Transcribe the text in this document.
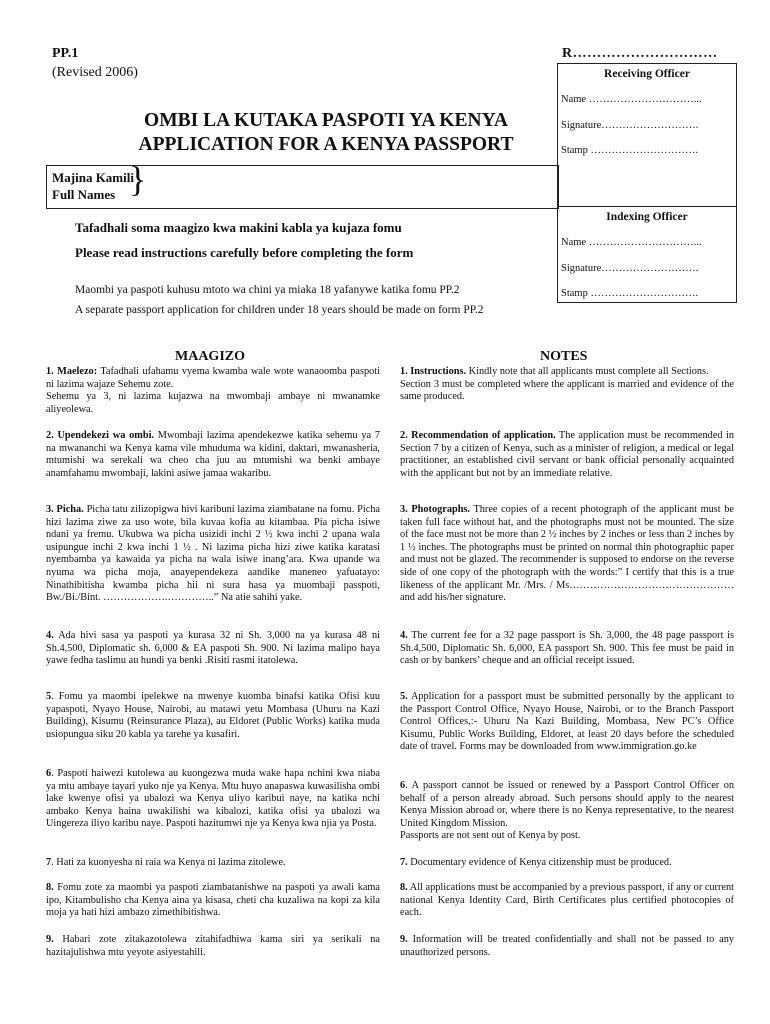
PP.1
(Revised 2006)
R…………………………
OMBI LA KUTAKA PASPOTI YA KENYA
APPLICATION FOR A KENYA PASSPORT
Receiving Officer
Name …………………………...
Signature……………………….
Stamp ………………………….
Indexing Officer
Name …………………………...
Signature……………………….
Stamp ………………………….
Majina Kamili
Full Names }
Tafadhali soma maagizo kwa makini kabla ya kujaza fomu
Please read instructions carefully before completing the form
Maombi ya paspoti kuhusu mtoto wa chini ya miaka 18 yafanywe katika fomu PP.2
A separate passport application for children under 18 years should be made on form PP.2
MAAGIZO	NOTES
1. Maelezo: Tafadhali ufahamu vyema kwamba wale wote wanaoomba paspoti ni lazima wajaze Sehemu zote.
Sehemu ya 3, ni lazima kujazwa na mwombaji ambaye ni mwanamke aliyeolewa.
2. Upendekezi wa ombi. Mwombaji lazima apendekezwe katika sehemu ya 7 na mwananchi wa Kenya kama vile mhuduma wa kidini, daktari, mwanasheria, mtumishi wa serekali wa cheo cha juu au mtumishi wa benki ambaye anamfahamu mwombaji, lakini asiwe jamaa wakaribu.
3. Picha. Picha tatu zilizopigwa hivi karibuni lazima ziambatane na fomu. Picha hizi lazima ziwe za uso wote, bila kuvaa kofia au kitambaa. Pia picha isiwe ndani ya fremu. Ukubwa wa picha usizidi inchi 2 ½ kwa inchi 2 upana wala usipungue inchi 2 kwa inchi 1 ½ . Ni lazima picha hizi ziwe katika karatasi nyembamba ya kawaida ya picha na wala isiwe inang’ara. Kwa upande wa nyuma wa picha moja, anayependekeza aandike maneneo yafuatayo: Ninathibitisha kwamba picha hii ni sura hasa ya muombaji passpoti, Bw./Bi./Bint. ……………….…………..” Na atie sahihi yake.
4. Ada hivi sasa ya paspoti ya kurasa 32 ni Sh. 3,000 na ya kurasa 48 ni Sh.4,500, Diplomatic sh. 6,000 & EA paspoti Sh. 900. Ni lazima malipo haya yawe fedha taslimu au hundi ya benki .Risiti rasmi itatolewa.
5. Fomu ya maombi ipelekwe na mwenye kuomba binafsi katika Ofisi kuu yapaspoti, Nyayo House, Nairobi, au matawi yetu Mombasa (Uhuru na Kazi Building), Kisumu (Reinsurance Plaza), au Eldoret (Public Works) katika muda usiopungua siku 20 kabla ya tarehe ya kusafiri.
6. Paspoti haiwezi kutolewa au kuongezwa muda wake hapa nchini kwa niaba ya mtu ambaye tayari yuko nje ya Kenya. Mtu huyo anapaswa kuwasilisha ombi lake kwenye ofisi ya ubalozi wa Kenya uliyo karibui naye, na katika nchi ambako Kenya haina uwakilishi wa kibalozi, katika ofisi ya ubalozi wa Uingereza iliyo karibu naye. Paspoti hazitumwi nje ya Kenya kwa njia ya Posta.
7. Hati za kuonyesha ni raia wa Kenya ni lazima zitolewe.
8. Fomu zote za maombi ya paspoti ziambatanishwe na paspoti ya awali kama ipo, Kitambulisho cha Kenya aina ya kisasa, cheti cha kuzaliwa na kopi za kila moja ya hati hizi ambazo zimethibitishwa.
9. Habari zote zitakazotolewa zitahifadhiwa kama siri ya serikali na hazitajulishwa mtu yeyote asiyestahili.
1. Instructions. Kindly note that all applicants must complete all Sections.
Section 3 must be completed where the applicant is married and evidence of the same produced.
2. Recommendation of application. The application must be recommended in Section 7 by a citizen of Kenya, such as a minister of religion, a medical or legal practitioner, an established civil servant or bank official personally acquainted with the applicant but not by an immediate relative.
3. Photographs. Three copies of a recent photograph of the applicant must be taken full face without hat, and the photographs must not be mounted. The size of the face must not be more than 2 ½ inches by 2 inches or less than 2 inches by 1 ½ inches. The photographs must be printed on normal thin photographic paper and must not be glazed. The recommender is supposed to endorse on the reverse side of one copy of the photograph with the words:” I certify that this is a true likeness of the applicant Mr. /Mrs. / Ms…………………………………………and add his/her signature.
4. The current fee for a 32 page passport is Sh. 3,000, the 48 page passport is Sh.4,500, Diplomatic Sh. 6,000, EA passport Sh. 900. This fee must be paid in cash or by bankers’ cheque and an official receipt issued.
5. Application for a passport must be submitted personally by the applicant to the Passport Control Office, Nyayo House, Nairobi, or to the Branch Passport Control Offices,:- Uhuru Na Kazi Building, Mombasa, New PC’s Office Kisumu, Public Works Building, Eldoret, at least 20 days before the scheduled date of travel. Forms may be downloaded from www.immigration.go.ke
6. A passport cannot be issued or renewed by a Passport Control Officer on behalf of a person already abroad. Such persons should apply to the nearest Kenya Mission abroad or, where there is no Kenya representative, to the nearest United Kingdom Mission.
Passports are not sent out of Kenya by post.
7. Documentary evidence of Kenya citizenship must be produced.
8. All applications must be accompanied by a previous passport, if any or current national Kenya Identity Card, Birth Certificates plus certified photocopies of each.
9. Information will be treated confidentially and shall not be passed to any unauthorized persons.
